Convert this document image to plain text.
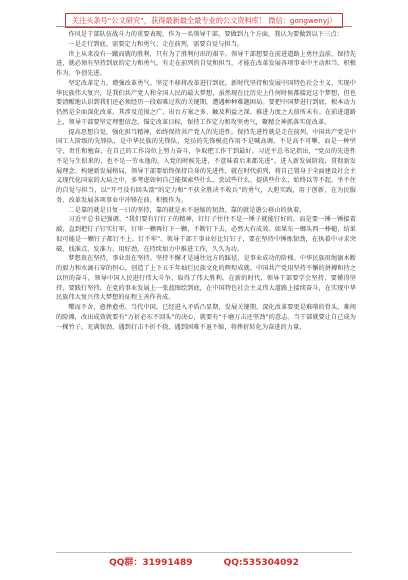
关注头条号“公文研究”，获得最新最全最专业的公文资料库！ 微信：gongwenyj）

作风是干部队伍战斗力的重要表现，作为一名领导干部，要做到九个方面，我认为要做到以下三点：

一是走行到底，需要定力和勇气；走在前列，需要自觉与担当。

世上从来没有一蹴而就的胜利，只有为了胜利付出的艰辛。领导干部想要在前进道路上勇往直前、保持先进，就必须有坚持到底的定力和勇气，有走在前列的自觉和担当，才能在改革发展各项事业中主动担当、积极作为、争创先进。

坚定改革定力，增强改革勇气。坚定不移将改革进行到底。新时代坚持和发展中国特色社会主义，实现中华民族伟大复兴，是我们共产党人和全国人民的最大梦想，虽然现在比历史上任何时候都接近这个梦想，但也要清醒地认识到我们还必须经历一段艰难过坎的关键期，遭遇种种难题困局。要把中国梦进行到底，根本动力仍然是全面深化改革。其涉及范围之广、出台方案之多、触及利益之深、推进力度之大前所未有。在前进道路上，领导干部要坚定理想信念，锚定改革目标，保持工作定力和攻坚勇气，聚精会神抓落实促改革。

提高思想自觉，强化担当精神，始终保持共产党人的先进性。保持先进性就是走在前列。中国共产党是中国工人阶级的先锋队，是中华民族的先锋队，党员的先锋模范作用不是喊高调，不是高不可攀，而是一种坚守、责任和勉奋，在自己的工作岗位上努力奋斗，争取把工作干到最好。习近平总书记指出，“党员的先进性不是与生俱来的，也不是一劳永逸的，入党的时候先进，不意味着后来都先进”。进入新发展阶段，贯彻新发展理念、构建新发展格局，领导干部要始终保持自身的先进性，就在时代前列，将自己置身于全面建设社会主义现代化国家的大局之中，多考虑如何自己能探索些什么、尝试些什么、提供些什么，始终以等不起、坐不住的自觉与担当，以“开弓没有回头箭”的定力和“不获全胜决不收兵”的勇气，大胆实践，用于创新，在为民服务、改革发展各项事业中冲锋在前、积极作为。

二是靠的就是日复一日的坚持，靠的就是永不退缩的韧劲，靠的就是愚公移山的执着。

习近平总书记强调，“我们要有钉钉子的精神，钉钉子往往不是一锤子就能钉好的，而是要一锤一锤接着敲，直到把钉子钉实钉牢，钉牢一颗再钉下一颗，不断钉下去，必然大有成效。如果东一榔头西一棒槌，结果很可能是一颗钉子都钉不上。钉不牢”。领导干部干事业好比钉钉子，要在坚持中锤炼韧劲，在执着中寻求突破，找准点、发准力、用好劲，在持续加力中推进工作，久久为功。

梦想贵在坚持，事业贵在坚持。坚持不懈才是通往远方的踩径，是事业成功的阶梯。中华民族用绳锯木断的毅力和水滴石穿的恒心，创造了上下五千年灿烂民族文化的辉煌成就。中国共产党用坚持不懈的拼搏和持之以恒的奋斗，领导中国人民进行伟大斗争、取得了伟大胜利。在新的时代，领导干部要学会坚持，要懂得坚持，要践行坚持，在党的事业发展上一张蓝图绘到底，在中国特色社会主义伟大道路上接续奋斗，在实现中华民族伟大复兴伟大梦想的征程上善作善成。

嘤而不舍，愈挫愈勇。当代中国，已经进入矛盾凸显期，发展关键期，深化改革要更是难啃的骨头、难闯的险滩，改出成效就要有“万折必东不回头”的决心，就要有“千磨万击还坚劲”的意志。当干部就要让自己成为一棵竹子，充满韧劲、遇到打击不折不挠，遇到困难不退不缩，将挫折转化为奋进的力量，

QQ群：31991489	QQ:535304092
